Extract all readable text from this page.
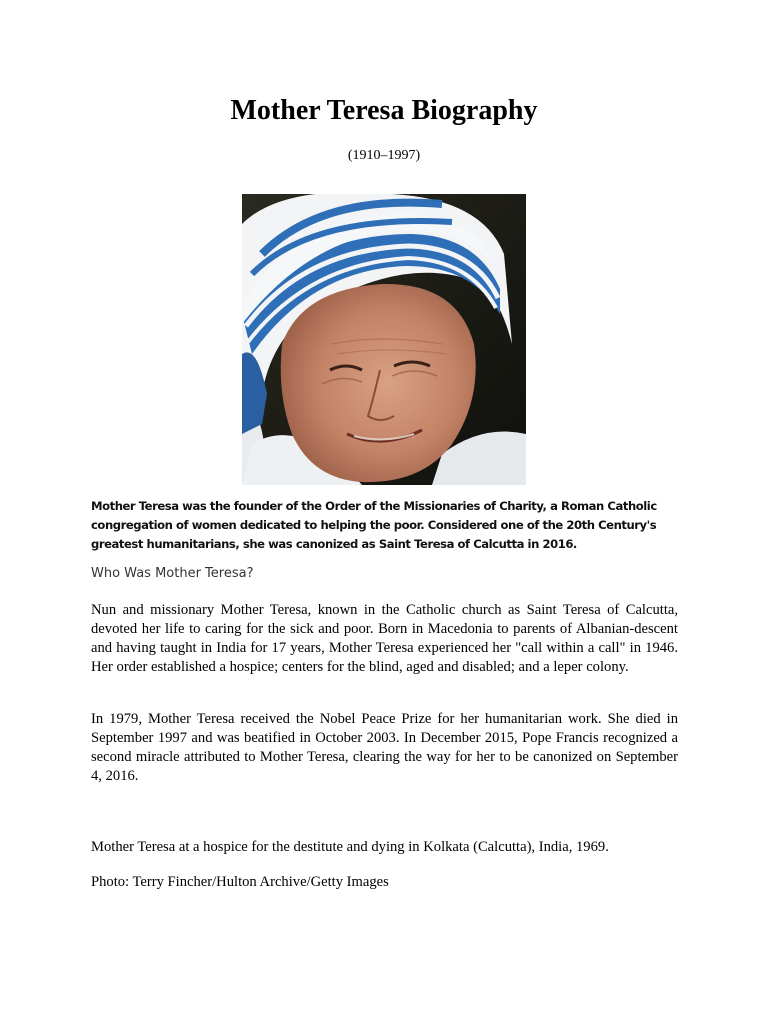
Mother Teresa Biography
(1910–1997)

Mother Teresa was the founder of the Order of the Missionaries of Charity, a Roman Catholic congregation of women dedicated to helping the poor. Considered one of the 20th Century's greatest humanitarians, she was canonized as Saint Teresa of Calcutta in 2016.

Who Was Mother Teresa?

Nun and missionary Mother Teresa, known in the Catholic church as Saint Teresa of Calcutta, devoted her life to caring for the sick and poor. Born in Macedonia to parents of Albanian-descent and having taught in India for 17 years, Mother Teresa experienced her "call within a call" in 1946. Her order established a hospice; centers for the blind, aged and disabled; and a leper colony.

In 1979, Mother Teresa received the Nobel Peace Prize for her humanitarian work. She died in September 1997 and was beatified in October 2003. In December 2015, Pope Francis recognized a second miracle attributed to Mother Teresa, clearing the way for her to be canonized on September 4, 2016.

Mother Teresa at a hospice for the destitute and dying in Kolkata (Calcutta), India, 1969.

Photo: Terry Fincher/Hulton Archive/Getty Images
